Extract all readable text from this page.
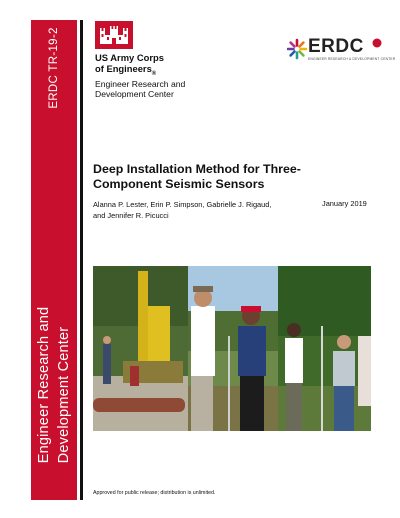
ERDC TR-19-2
Engineer Research and Development Center
US Army Corps
of Engineers$_®$
Engineer Research and
Development Center
ERDC
ENGINEER RESEARCH & DEVELOPMENT CENTER
Deep Installation Method for Three-
Component Seismic Sensors
Alanna P. Lester, Erin P. Simpson, Gabrielle J. Rigaud,
and Jennifer R. Picucci
January 2019
Approved for public release; distribution is unlimited.
